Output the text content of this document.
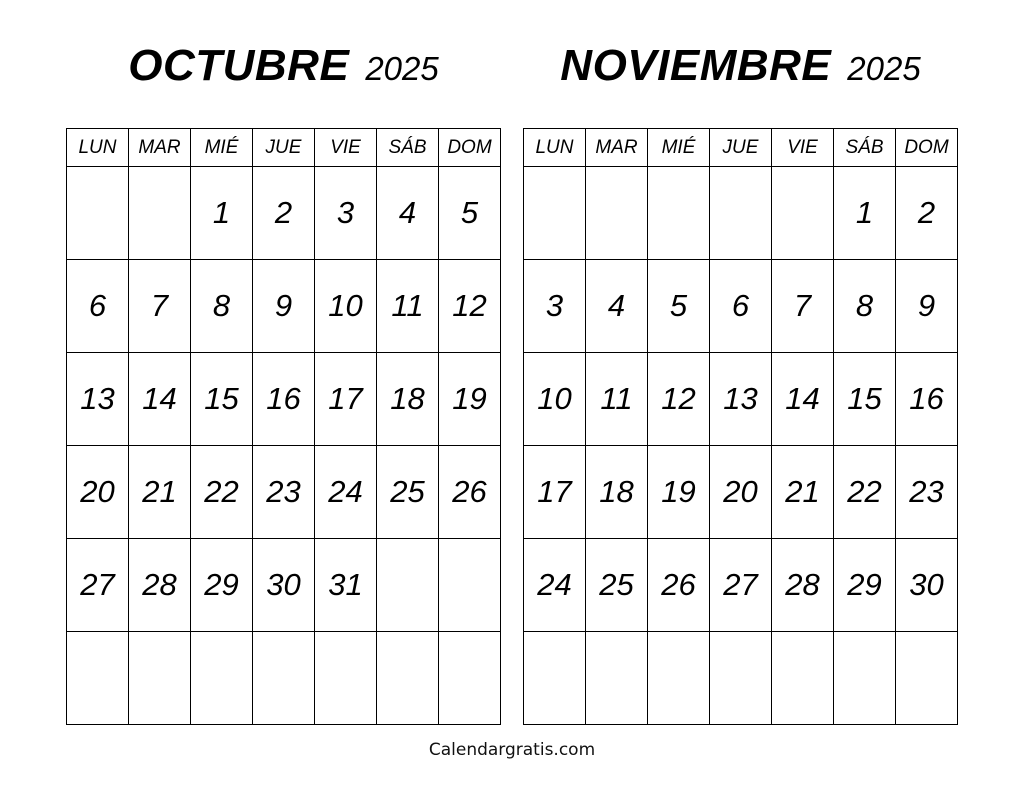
OCTUBRE 2025
LUN	MAR	MIÉ	JUE	VIE	SÁB	DOM

		1	2	3	4	5

6	7	8	9	10	11	12

13	14	15	16	17	18	19

20	21	22	23	24	25	26

27	28	29	30	31		

NOVIEMBRE 2025
LUN	MAR	MIÉ	JUE	VIE	SÁB	DOM

					1	2

3	4	5	6	7	8	9

10	11	12	13	14	15	16

17	18	19	20	21	22	23

24	25	26	27	28	29	30

Calendargratis.com
